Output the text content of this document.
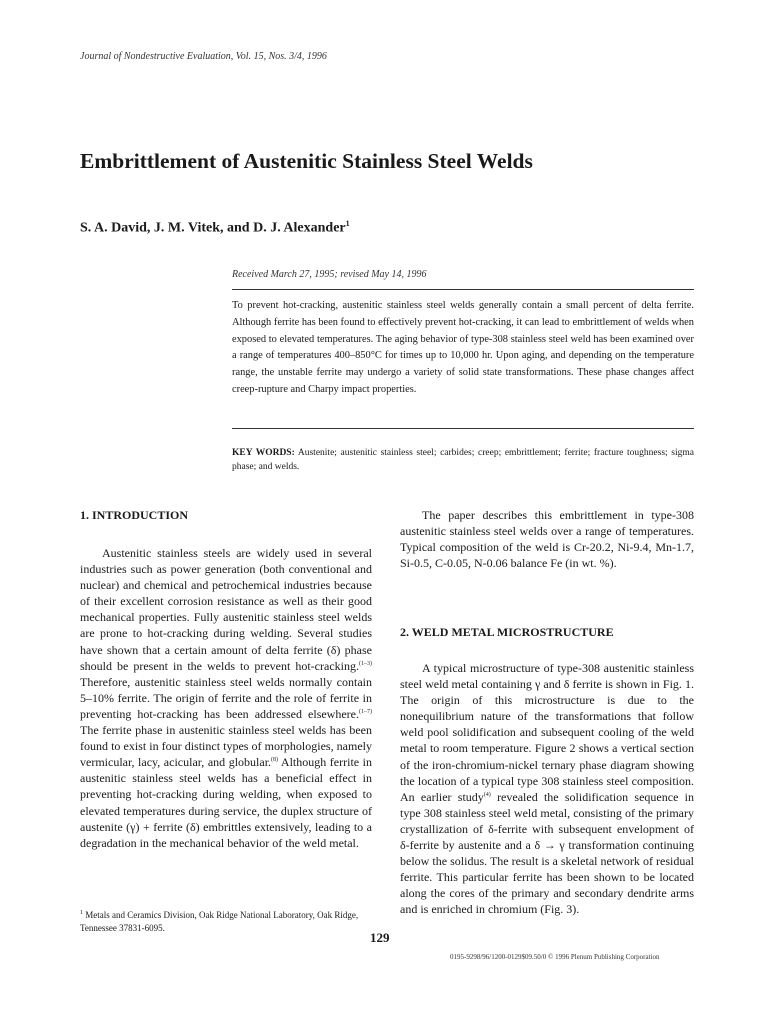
Journal of Nondestructive Evaluation, Vol. 15, Nos. 3/4, 1996
Embrittlement of Austenitic Stainless Steel Welds
S. A. David, J. M. Vitek, and D. J. Alexander$^1$
Received March 27, 1995; revised May 14, 1996
To prevent hot-cracking, austenitic stainless steel welds generally contain a small percent of delta ferrite. Although ferrite has been found to effectively prevent hot-cracking, it can lead to embrittlement of welds when exposed to elevated temperatures. The aging behavior of type-308 stainless steel weld has been examined over a range of temperatures 400–850°C for times up to 10,000 hr. Upon aging, and depending on the temperature range, the unstable ferrite may undergo a variety of solid state transformations. These phase changes affect creep-rupture and Charpy impact properties.
KEY WORDS: Austenite; austenitic stainless steel; carbides; creep; embrittlement; ferrite; fracture toughness; sigma phase; and welds.
1. INTRODUCTION

Austenitic stainless steels are widely used in several industries such as power generation (both conventional and nuclear) and chemical and petrochemical industries because of their excellent corrosion resistance as well as their good mechanical properties. Fully austenitic stainless steel welds are prone to hot-cracking during welding. Several studies have shown that a certain amount of delta ferrite (δ) phase should be present in the welds to prevent hot-cracking.$^{(1-3)}$ Therefore, austenitic stainless steel welds normally contain 5–10% ferrite. The origin of ferrite and the role of ferrite in preventing hot-cracking has been addressed elsewhere.$^{(1-7)}$ The ferrite phase in austenitic stainless steel welds has been found to exist in four distinct types of morphologies, namely vermicular, lacy, acicular, and globular.$^{(8)}$ Although ferrite in austenitic stainless steel welds has a beneficial effect in preventing hot-cracking during welding, when exposed to elevated temperatures during service, the duplex structure of austenite (γ) + ferrite (δ) embrittles extensively, leading to a degradation in the mechanical behavior of the weld metal.

$^1$ Metals and Ceramics Division, Oak Ridge National Laboratory, Oak Ridge, Tennessee 37831-6095.

The paper describes this embrittlement in type-308 austenitic stainless steel welds over a range of temperatures. Typical composition of the weld is Cr-20.2, Ni-9.4, Mn-1.7, Si-0.5, C-0.05, N-0.06 balance Fe (in wt. %).

2. WELD METAL MICROSTRUCTURE

A typical microstructure of type-308 austenitic stainless steel weld metal containing γ and δ ferrite is shown in Fig. 1. The origin of this microstructure is due to the nonequilibrium nature of the transformations that follow weld pool solidification and subsequent cooling of the weld metal to room temperature. Figure 2 shows a vertical section of the iron-chromium-nickel ternary phase diagram showing the location of a typical type 308 stainless steel composition. An earlier study$^{(4)}$ revealed the solidification sequence in type 308 stainless steel weld metal, consisting of the primary crystallization of δ-ferrite with subsequent envelopment of δ-ferrite by austenite and a δ → γ transformation continuing below the solidus. The result is a skeletal network of residual ferrite. This particular ferrite has been shown to be located along the cores of the primary and secondary dendrite arms and is enriched in chromium (Fig. 3).

129
0195-9298/96/1200-0129$09.50/0 © 1996 Plenum Publishing Corporation
